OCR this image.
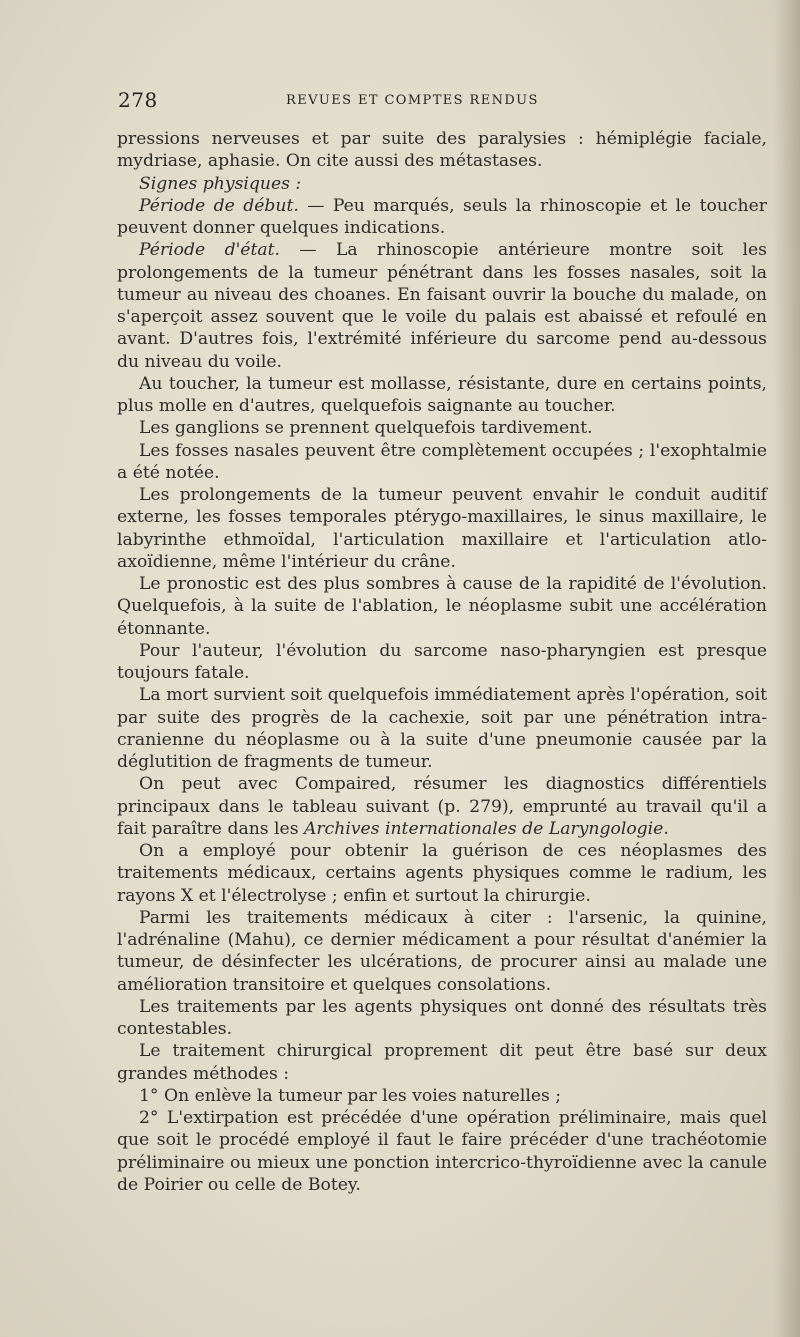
278	REVUES ET COMPTES RENDUS

pressions nerveuses et par suite des paralysies : hémiplégie faciale, mydriase, aphasie. On cite aussi des métastases.

Signes physiques :

Période de début. — Peu marqués, seuls la rhinoscopie et le toucher peuvent donner quelques indications.

Période d'état. — La rhinoscopie antérieure montre soit les prolongements de la tumeur pénétrant dans les fosses nasales, soit la tumeur au niveau des choanes. En faisant ouvrir la bouche du malade, on s'aperçoit assez souvent que le voile du palais est abaissé et refoulé en avant. D'autres fois, l'extrémité inférieure du sarcome pend au-dessous du niveau du voile.

Au toucher, la tumeur est mollasse, résistante, dure en certains points, plus molle en d'autres, quelquefois saignante au toucher.

Les ganglions se prennent quelquefois tardivement.

Les fosses nasales peuvent être complètement occupées ; l'exophtalmie a été notée.

Les prolongements de la tumeur peuvent envahir le conduit auditif externe, les fosses temporales ptérygo-maxillaires, le sinus maxillaire, le labyrinthe ethmoïdal, l'articulation maxillaire et l'articulation atlo-axoïdienne, même l'intérieur du crâne.

Le pronostic est des plus sombres à cause de la rapidité de l'évolution. Quelquefois, à la suite de l'ablation, le néoplasme subit une accélération étonnante.

Pour l'auteur, l'évolution du sarcome naso-pharyngien est presque toujours fatale.

La mort survient soit quelquefois immédiatement après l'opération, soit par suite des progrès de la cachexie, soit par une pénétration intra-cranienne du néoplasme ou à la suite d'une pneumonie causée par la déglutition de fragments de tumeur.

On peut avec Compaired, résumer les diagnostics différentiels principaux dans le tableau suivant (p. 279), emprunté au travail qu'il a fait paraître dans les Archives internationales de Laryngologie.

On a employé pour obtenir la guérison de ces néoplasmes des traitements médicaux, certains agents physiques comme le radium, les rayons X et l'électrolyse ; enfin et surtout la chirurgie.

Parmi les traitements médicaux à citer : l'arsenic, la quinine, l'adrénaline (Mahu), ce dernier médicament a pour résultat d'anémier la tumeur, de désinfecter les ulcérations, de procurer ainsi au malade une amélioration transitoire et quelques consolations.

Les traitements par les agents physiques ont donné des résultats très contestables.

Le traitement chirurgical proprement dit peut être basé sur deux grandes méthodes :

1° On enlève la tumeur par les voies naturelles ;

2° L'extirpation est précédée d'une opération préliminaire, mais quel que soit le procédé employé il faut le faire précéder d'une trachéotomie préliminaire ou mieux une ponction intercrico-thyroïdienne avec la canule de Poirier ou celle de Botey.
